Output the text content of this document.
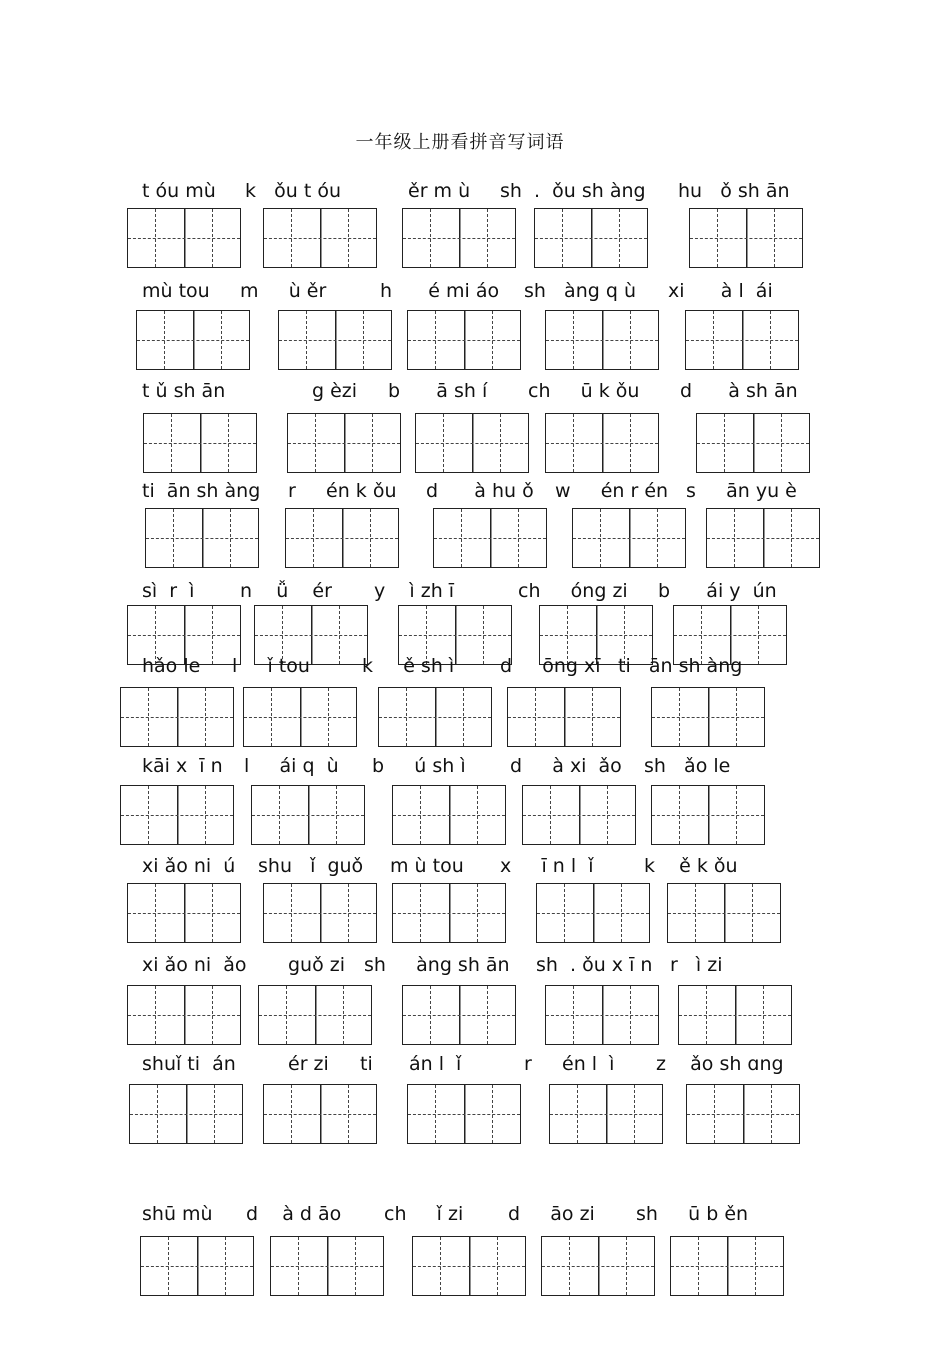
一年级上册看拼音写词语
t óu mù k   ǒu t óu	ěr m ù sh  .  ǒu sh àng hu   ǒ sh ān
mù tou m     ù ěr	h      é mi áo sh   àng q ù xi      à l  ái
t ǔ sh ān	g èzi b      ā sh í ch     ū k ǒu d      à sh ān
ti  ān sh àng r     én k ǒu d      à hu ǒ w     én r én s     ān yu è
sì  r  ì n    ǚ    ér y    ì zh ī	ch     óng zi b      ái y  ún
hǎo le l     ǐ tou	k     ě sh ì d     ōng xī ti   ān sh àng
kāi x  ī n l     ái q  ù b     ú sh ì d     à xi  ǎo sh   ǎo le
xi ǎo ni  ú shu   ǐ  guǒ m ù tou x     ī n l  ǐ	k    ě k ǒu
xi ǎo ni  ǎo guǒ zi sh     àng sh ān sh  . ǒu x ī n r   ì zi
shuǐ ti  án	ér zi ti      án l  ǐ	r     én l  ì z    ǎo sh ɑng
shū mù d    à d āo ch     ǐ zi d     āo zi sh     ū b ěn
